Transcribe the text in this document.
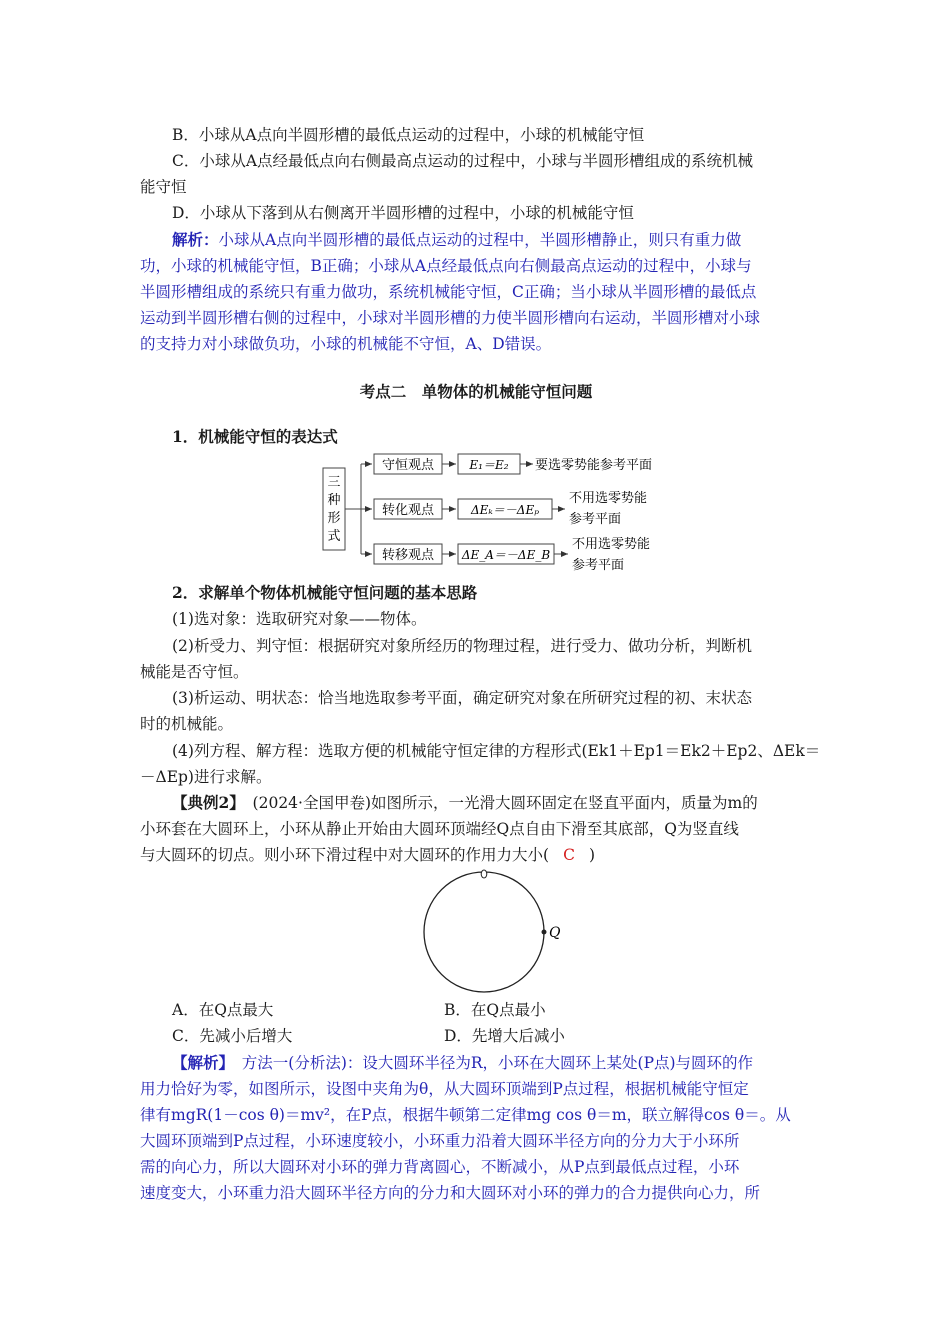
B．小球从A点向半圆形槽的最低点运动的过程中，小球的机械能守恒
C．小球从A点经最低点向右侧最高点运动的过程中，小球与半圆形槽组成的系统机械
能守恒
D．小球从下落到从右侧离开半圆形槽的过程中，小球的机械能守恒
解析：小球从A点向半圆形槽的最低点运动的过程中，半圆形槽静止，则只有重力做
功，小球的机械能守恒，B正确；小球从A点经最低点向右侧最高点运动的过程中，小球与
半圆形槽组成的系统只有重力做功，系统机械能守恒，C正确；当小球从半圆形槽的最低点
运动到半圆形槽右侧的过程中，小球对半圆形槽的力使半圆形槽向右运动，半圆形槽对小球
的支持力对小球做负功，小球的机械能不守恒，A、D错误。
考点二　单物体的机械能守恒问题
1．机械能守恒的表达式
三
种
形
式
守恒观点	E₁＝E₂ 要选零势能参考平面
转化观点	ΔEₖ＝－ΔEₚ
不用选零势能
参考平面
转移观点 ΔE_A＝－ΔE_B
不用选零势能
参考平面
2．求解单个物体机械能守恒问题的基本思路
(1)选对象：选取研究对象——物体。
(2)析受力、判守恒：根据研究对象所经历的物理过程，进行受力、做功分析，判断机
械能是否守恒。
(3)析运动、明状态：恰当地选取参考平面，确定研究对象在所研究过程的初、末状态
时的机械能。
(4)列方程、解方程：选取方便的机械能守恒定律的方程形式(Ek1＋Ep1＝Ek2＋Ep2、ΔEk＝
－ΔEp)进行求解。
【典例2】　(2024·全国甲卷)如图所示，一光滑大圆环固定在竖直平面内，质量为m的
小环套在大圆环上，小环从静止开始由大圆环顶端经Q点自由下滑至其底部，Q为竖直线
与大圆环的切点。则小环下滑过程中对大圆环的作用力大小( C )
Q
A．在Q点最大	B．在Q点最小
C．先减小后增大	D．先增大后减小
【解析】　方法一(分析法)：设大圆环半径为R，小环在大圆环上某处(P点)与圆环的作
用力恰好为零，如图所示，设图中夹角为θ，从大圆环顶端到P点过程，根据机械能守恒定
律有mgR(1－cos θ)＝mv²，在P点，根据牛顿第二定律mg cos θ＝m，联立解得cos θ＝。从
大圆环顶端到P点过程，小环速度较小，小环重力沿着大圆环半径方向的分力大于小环所
需的向心力，所以大圆环对小环的弹力背离圆心，不断减小，从P点到最低点过程，小环
速度变大，小环重力沿大圆环半径方向的分力和大圆环对小环的弹力的合力提供向心力，所
